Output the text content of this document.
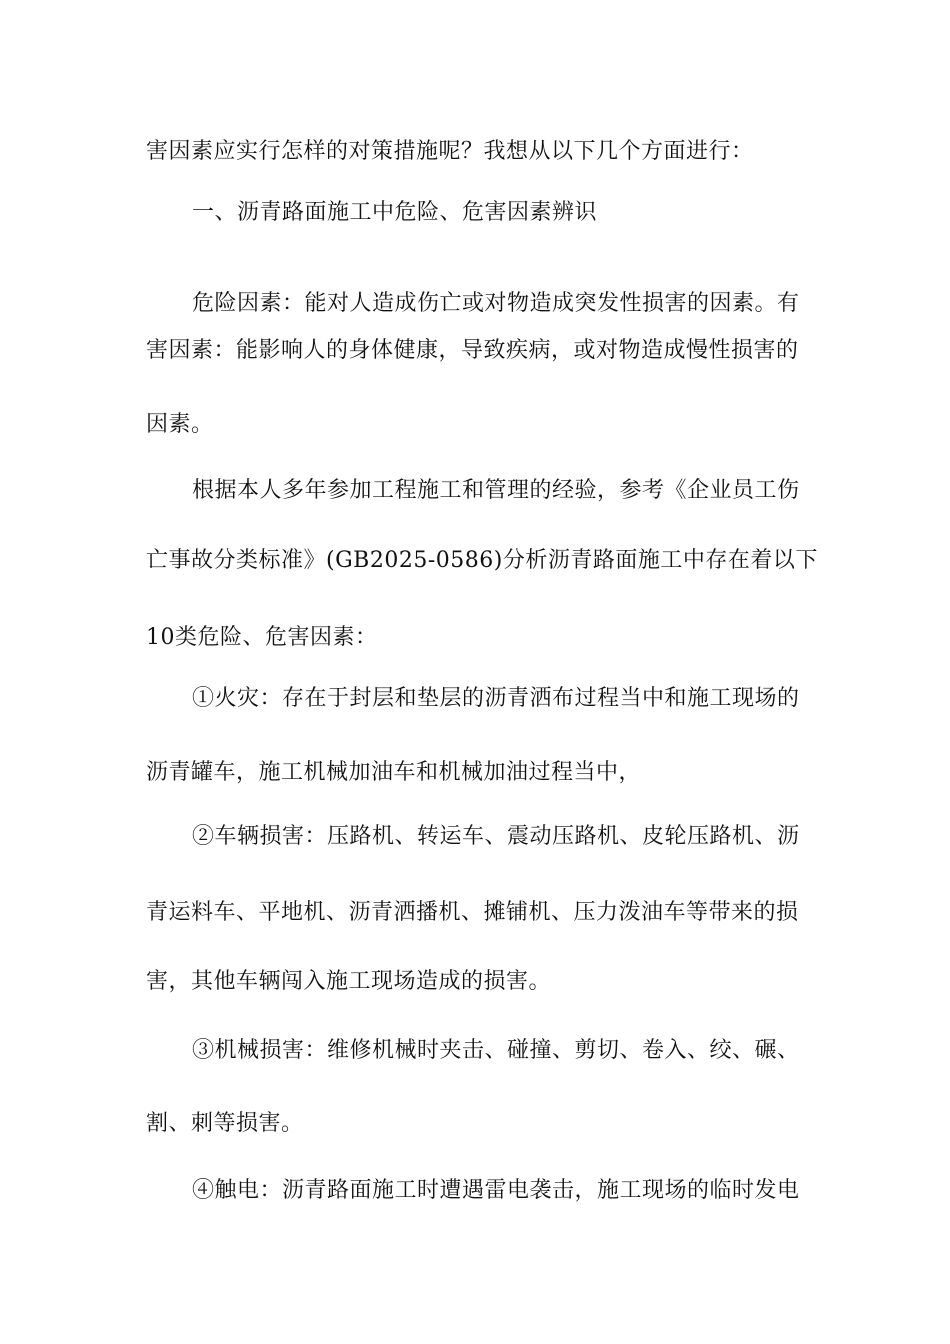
害因素应实行怎样的对策措施呢？我想从以下几个方面进行：
一、沥青路面施工中危险、危害因素辨识
危险因素：能对人造成伤亡或对物造成突发性损害的因素。有
害因素：能影响人的身体健康，导致疾病，或对物造成慢性损害的
因素。
根据本人多年参加工程施工和管理的经验，参考《企业员工伤
亡事故分类标准》(GB2025-0586)分析沥青路面施工中存在着以下
10类危险、危害因素：
①火灾：存在于封层和垫层的沥青洒布过程当中和施工现场的
沥青罐车，施工机械加油车和机械加油过程当中，
②车辆损害：压路机、转运车、震动压路机、皮轮压路机、沥
青运料车、平地机、沥青洒播机、摊铺机、压力泼油车等带来的损
害，其他车辆闯入施工现场造成的损害。
③机械损害：维修机械时夹击、碰撞、剪切、卷入、绞、碾、
割、刺等损害。
④触电：沥青路面施工时遭遇雷电袭击，施工现场的临时发电
